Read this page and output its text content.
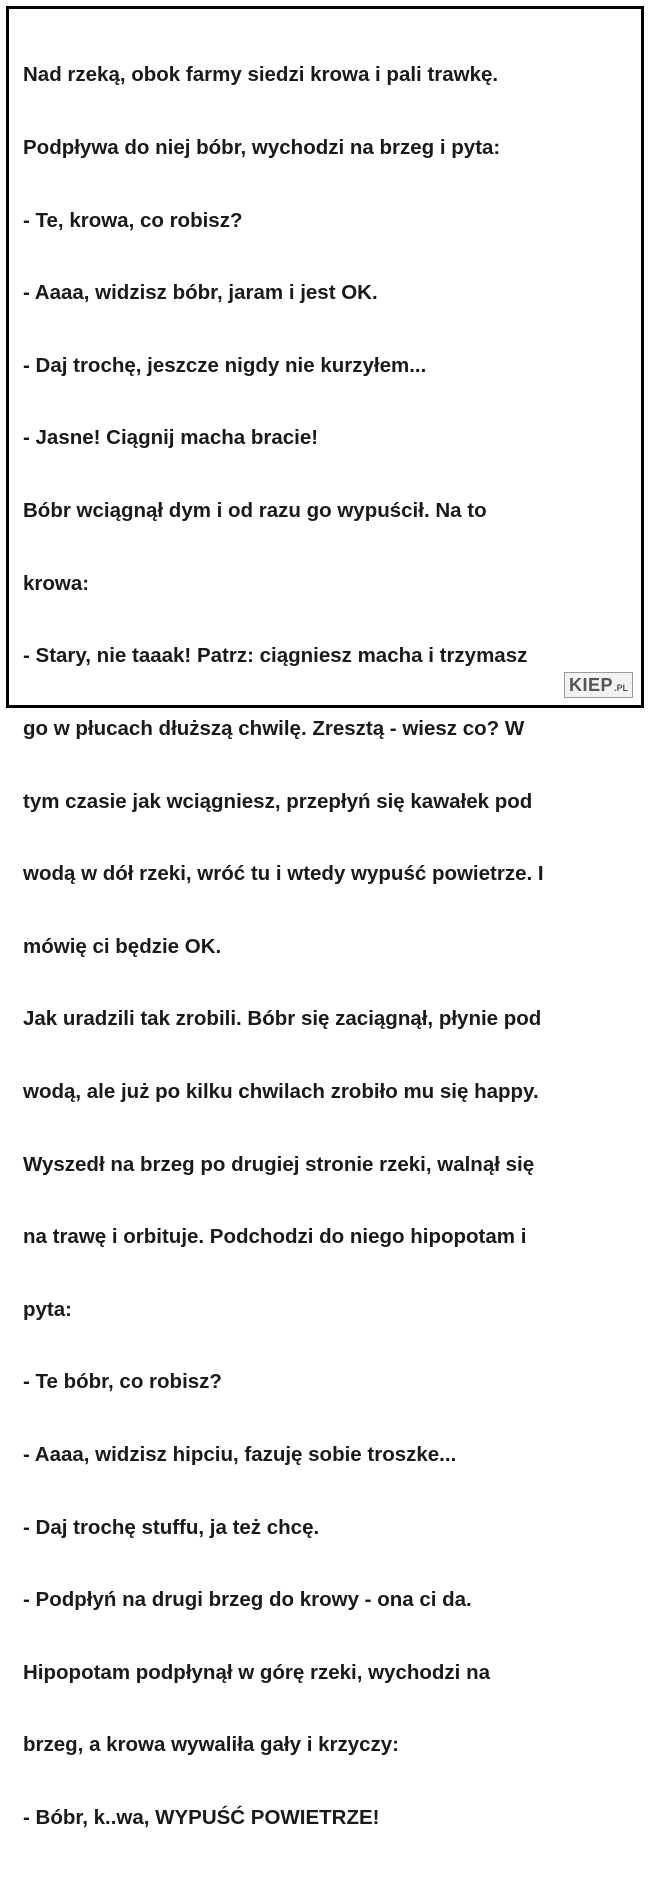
Nad rzeką, obok farmy siedzi krowa i pali trawkę.

Podpływa do niej bóbr, wychodzi na brzeg i pyta:

- Te, krowa, co robisz?

- Aaaa, widzisz bóbr, jaram i jest OK.

- Daj trochę, jeszcze nigdy nie kurzyłem...

- Jasne! Ciągnij macha bracie!

Bóbr wciągnął dym i od razu go wypuścił. Na to

krowa:

- Stary, nie taaak! Patrz: ciągniesz macha i trzymasz

go w płucach dłuższą chwilę. Zresztą - wiesz co? W

tym czasie jak wciągniesz, przepłyń się kawałek pod

wodą w dół rzeki, wróć tu i wtedy wypuść powietrze. I

mówię ci będzie OK.

Jak uradzili tak zrobili. Bóbr się zaciągnął, płynie pod

wodą, ale już po kilku chwilach zrobiło mu się happy.

Wyszedł na brzeg po drugiej stronie rzeki, walnął się

na trawę i orbituje. Podchodzi do niego hipopotam i

pyta:

- Te bóbr, co robisz?

- Aaaa, widzisz hipciu, fazuję sobie troszke...

- Daj trochę stuffu, ja też chcę.

- Podpłyń na drugi brzeg do krowy - ona ci da.

Hipopotam podpłynął w górę rzeki, wychodzi na

brzeg, a krowa wywaliła gały i krzyczy:

- Bóbr, k..wa, WYPUŚĆ POWIETRZE!

KIEP .PL
